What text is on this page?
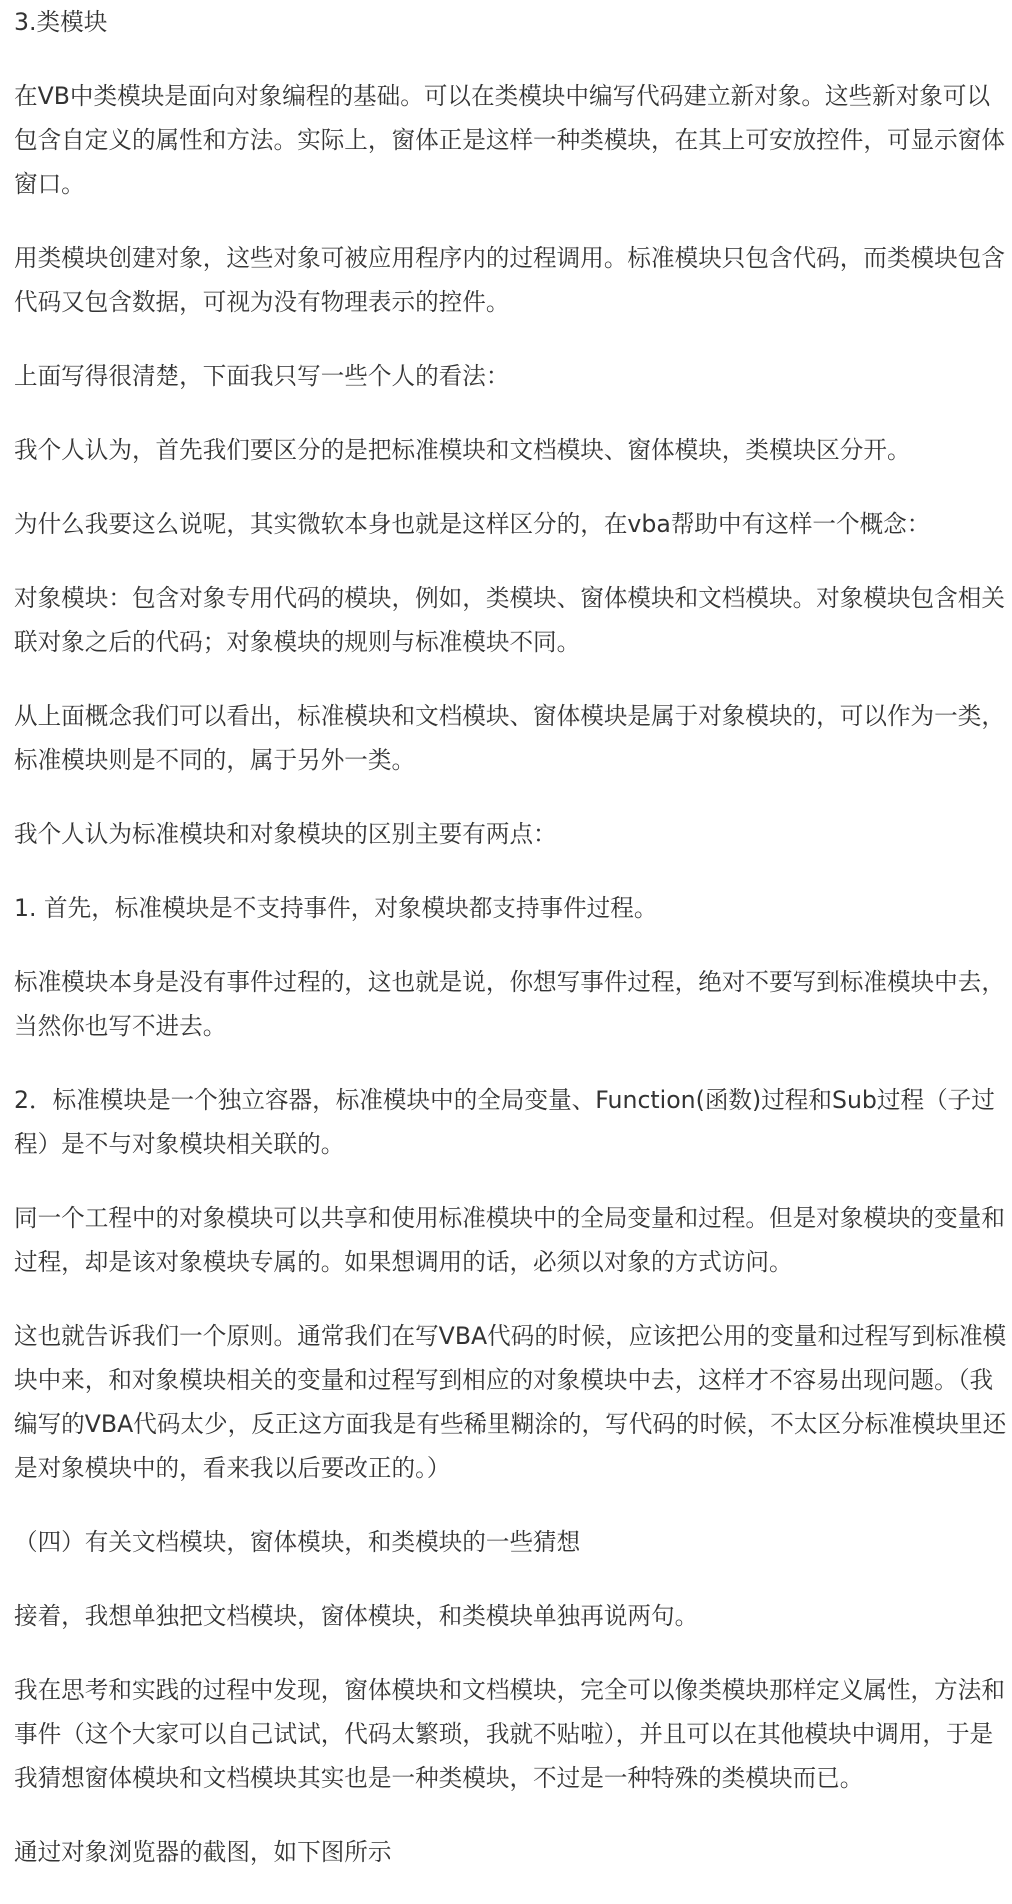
3.类模块

在VB中类模块是面向对象编程的基础。可以在类模块中编写代码建立新对象。这些新对象可以包含自定义的属性和方法。实际上，窗体正是这样一种类模块，在其上可安放控件，可显示窗体窗口。

用类模块创建对象，这些对象可被应用程序内的过程调用。标准模块只包含代码，而类模块包含代码又包含数据，可视为没有物理表示的控件。

上面写得很清楚，下面我只写一些个人的看法：

我个人认为，首先我们要区分的是把标准模块和文档模块、窗体模块，类模块区分开。

为什么我要这么说呢，其实微软本身也就是这样区分的，在vba帮助中有这样一个概念：

对象模块：包含对象专用代码的模块，例如，类模块、窗体模块和文档模块。对象模块包含相关联对象之后的代码；对象模块的规则与标准模块不同。

从上面概念我们可以看出，标准模块和文档模块、窗体模块是属于对象模块的，可以作为一类，标准模块则是不同的，属于另外一类。

我个人认为标准模块和对象模块的区别主要有两点：

1. 首先，标准模块是不支持事件，对象模块都支持事件过程。

标准模块本身是没有事件过程的，这也就是说，你想写事件过程，绝对不要写到标准模块中去，当然你也写不进去。

2．标准模块是一个独立容器，标准模块中的全局变量、Function(函数)过程和Sub过程（子过程）是不与对象模块相关联的。

同一个工程中的对象模块可以共享和使用标准模块中的全局变量和过程。但是对象模块的变量和过程，却是该对象模块专属的。如果想调用的话，必须以对象的方式访问。

这也就告诉我们一个原则。通常我们在写VBA代码的时候，应该把公用的变量和过程写到标准模块中来，和对象模块相关的变量和过程写到相应的对象模块中去，这样才不容易出现问题。（我编写的VBA代码太少，反正这方面我是有些稀里糊涂的，写代码的时候，不太区分标准模块里还是对象模块中的，看来我以后要改正的。）

（四）有关文档模块，窗体模块，和类模块的一些猜想

接着，我想单独把文档模块，窗体模块，和类模块单独再说两句。

我在思考和实践的过程中发现，窗体模块和文档模块，完全可以像类模块那样定义属性，方法和事件（这个大家可以自己试试，代码太繁琐，我就不贴啦），并且可以在其他模块中调用，于是我猜想窗体模块和文档模块其实也是一种类模块，不过是一种特殊的类模块而已。

通过对象浏览器的截图，如下图所示
